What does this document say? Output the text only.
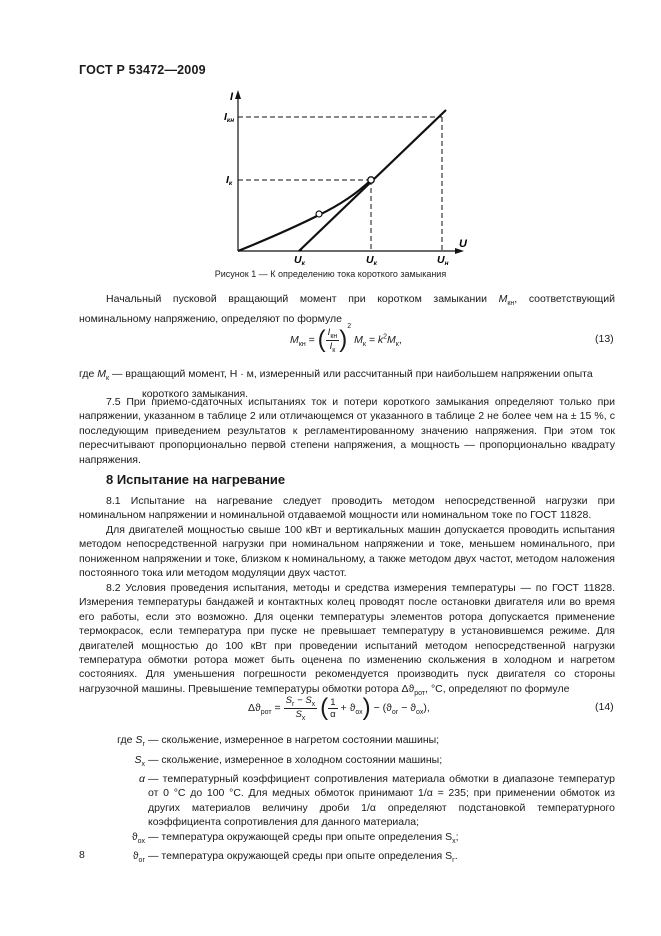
ГОСТ Р 53472—2009
I
U
Iкн
Iк
Uк'
Uк	Uн
Рисунок 1 — К определению тока короткого замыкания
Начальный пусковой вращающий момент при коротком замыкании $M_{кн}$, соответствующий номинальному напряжению, определяют по формуле
$M_{кн}$ = ( $\frac{I_{кн}}{I_к} )^2$ $M_к = k^2M_к$,	(13)
где $M_к$ — вращающий момент, Н · м, измеренный или рассчитанный при наибольшем напряжении опыта короткого замыкания.
7.5 При приемо-сдаточных испытаниях ток и потери короткого замыкания определяют только при напряжении, указанном в таблице 2 или отличающемся от указанного в таблице 2 не более чем на ± 15 %, с последующим приведением результатов к регламентированному значению напряжения. При этом ток пересчитывают пропорционально первой степени напряжения, а мощность — пропорционально квадрату напряжения.
8 Испытание на нагревание
8.1 Испытание на нагревание следует проводить методом непосредственной нагрузки при номинальном напряжении и номинальной отдаваемой мощности или номинальном токе по ГОСТ 11828.
Для двигателей мощностью свыше 100 кВт и вертикальных машин допускается проводить испытания методом непосредственной нагрузки при номинальном напряжении и токе, меньшем номинального, при пониженном напряжении и токе, близком к номинальному, а также методом двух частот, методом наложения постоянного тока или методом модуляции двух частот.
8.2 Условия проведения испытания, методы и средства измерения температуры — по ГОСТ 11828. Измерения температуры бандажей и контактных колец проводят после остановки двигателя или во время его работы, если это возможно. Для оценки температуры элементов ротора допускается применение термокрасок, если температура при пуске не превышает температуру в установившемся режиме. Для двигателей мощностью до 100 кВт при проведении испытаний методом непосредственной нагрузки температура обмотки ротора может быть оценена по изменению скольжения в холодном и нагретом состояниях. Для уменьшения погрешности рекомендуется производить пуск двигателя со стороны нагрузочной машины. Превышение температуры обмотки ротора $\Delta ϑ_{рот}$, °С, определяют по формуле
$\Delta ϑ_{рот} = \frac{S_г - S_х}{S_х}$ ( $\frac{1}{\alpha} + ϑ_{ох}) - (ϑ_{ог} - ϑ_{ох})$,	(14)
где $S_г$ — скольжение, измеренное в нагретом состоянии машины;
$S_х$ — скольжение, измеренное в холодном состоянии машины;
α — температурный коэффициент сопротивления материала обмотки в диапазоне температур от 0 °С до 100 °С. Для медных обмоток принимают 1/α = 235; при применении обмоток из других материалов величину дроби 1/α определяют подстановкой температурного коэффициента сопротивления для данного материала;
$ϑ_{ох}$ — температура окружающей среды при опыте определения $S_х$;
$ϑ_{ог}$ — температура окружающей среды при опыте определения $S_г$.
8
